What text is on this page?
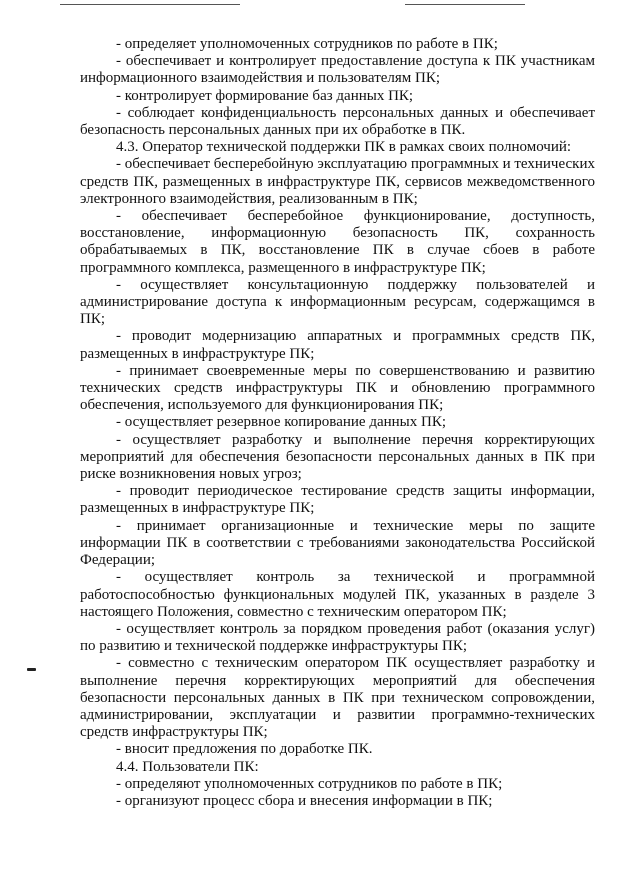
- определяет уполномоченных сотрудников по работе в ПК;

- обеспечивает и контролирует предоставление доступа к ПК участникам информационного взаимодействия и пользователям ПК;

- контролирует формирование баз данных ПК;

- соблюдает конфиденциальность персональных данных и обеспечивает безопасность персональных данных при их обработке в ПК.

4.3. Оператор технической поддержки ПК в рамках своих полномочий:

- обеспечивает бесперебойную эксплуатацию программных и технических средств ПК, размещенных в инфраструктуре ПК, сервисов межведомственного электронного взаимодействия, реализованным в ПК;

- обеспечивает бесперебойное функционирование, доступность, восстановление, информационную безопасность ПК, сохранность обрабатываемых в ПК, восстановление ПК в случае сбоев в работе программного комплекса, размещенного в инфраструктуре ПК;

- осуществляет консультационную поддержку пользователей и администрирование доступа к информационным ресурсам, содержащимся в ПК;

- проводит модернизацию аппаратных и программных средств ПК, размещенных в инфраструктуре ПК;

- принимает своевременные меры по совершенствованию и развитию технических средств инфраструктуры ПК и обновлению программного обеспечения, используемого для функционирования ПК;

- осуществляет резервное копирование данных ПК;

- осуществляет разработку и выполнение перечня корректирующих мероприятий для обеспечения безопасности персональных данных в ПК при риске возникновения новых угроз;

- проводит периодическое тестирование средств защиты информации, размещенных в инфраструктуре ПК;

- принимает организационные и технические меры по защите информации ПК в соответствии с требованиями законодательства Российской Федерации;

- осуществляет контроль за технической и программной работоспособностью функциональных модулей ПК, указанных в разделе 3 настоящего Положения, совместно с техническим оператором ПК;

- осуществляет контроль за порядком проведения работ (оказания услуг) по развитию и технической поддержке инфраструктуры ПК;

- совместно с техническим оператором ПК осуществляет разработку и выполнение перечня корректирующих мероприятий для обеспечения безопасности персональных данных в ПК при техническом сопровождении, администрировании, эксплуатации и развитии программно-технических средств инфраструктуры ПК;

- вносит предложения по доработке ПК.

4.4. Пользователи ПК:

- определяют уполномоченных сотрудников по работе в ПК;

- организуют процесс сбора и внесения информации в ПК;
